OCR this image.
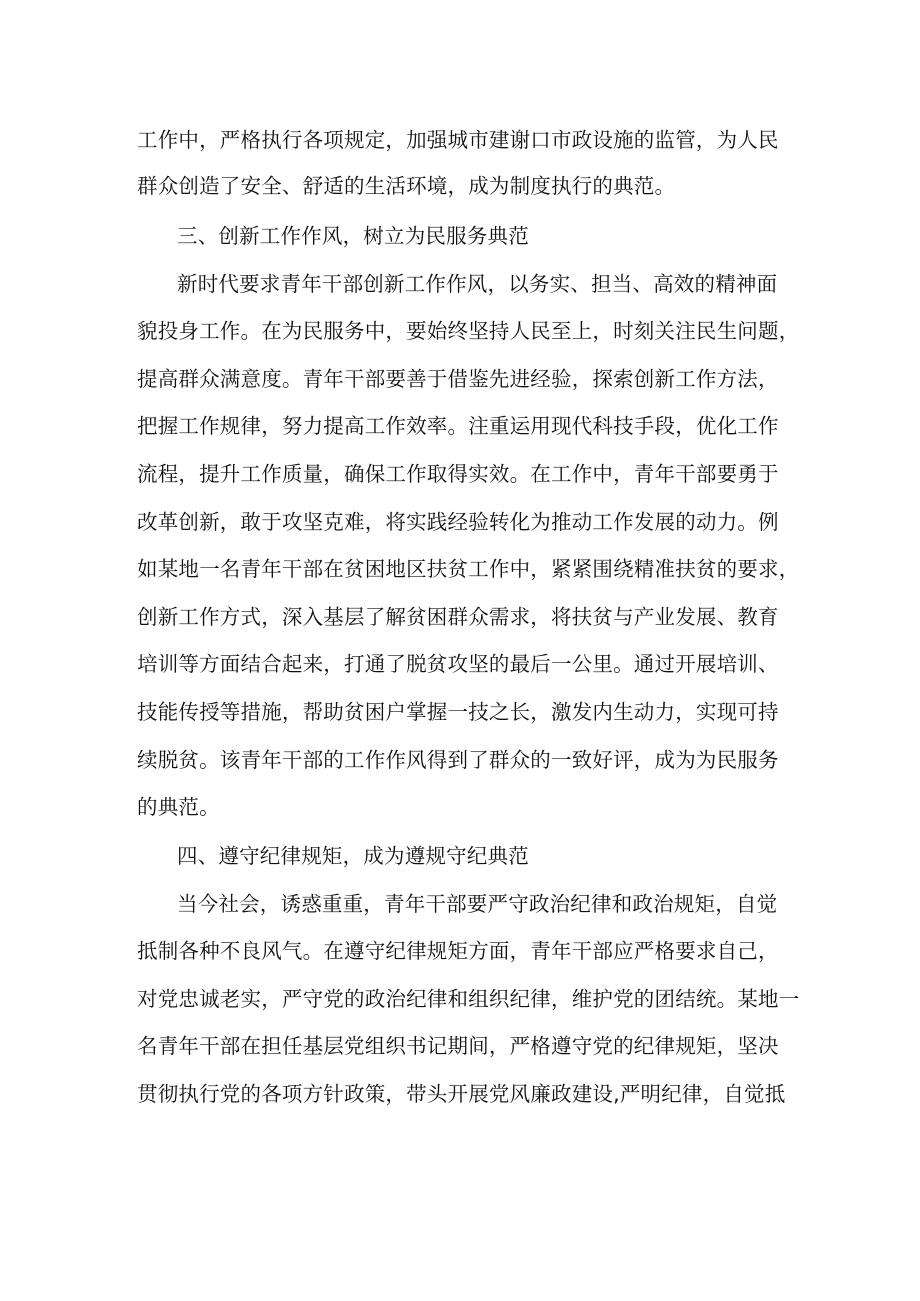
工作中，严格执行各项规定，加强城市建谢口市政设施的监管，为人民
群众创造了安全、舒适的生活环境，成为制度执行的典范。
三、创新工作作风，树立为民服务典范
新时代要求青年干部创新工作作风，以务实、担当、高效的精神面
貌投身工作。在为民服务中，要始终坚持人民至上，时刻关注民生问题，
提高群众满意度。青年干部要善于借鉴先进经验，探索创新工作方法，
把握工作规律，努力提高工作效率。注重运用现代科技手段，优化工作
流程，提升工作质量，确保工作取得实效。在工作中，青年干部要勇于
改革创新，敢于攻坚克难，将实践经验转化为推动工作发展的动力。例
如某地一名青年干部在贫困地区扶贫工作中，紧紧围绕精准扶贫的要求，
创新工作方式，深入基层了解贫困群众需求，将扶贫与产业发展、教育
培训等方面结合起来，打通了脱贫攻坚的最后一公里。通过开展培训、
技能传授等措施，帮助贫困户掌握一技之长，激发内生动力，实现可持
续脱贫。该青年干部的工作作风得到了群众的一致好评，成为为民服务
的典范。
四、遵守纪律规矩，成为遵规守纪典范
当今社会，诱惑重重，青年干部要严守政治纪律和政治规矩，自觉
抵制各种不良风气。在遵守纪律规矩方面，青年干部应严格要求自己，
对党忠诚老实，严守党的政治纪律和组织纪律，维护党的团结统。某地一
名青年干部在担任基层党组织书记期间，严格遵守党的纪律规矩，坚决
贯彻执行党的各项方针政策，带头开展党风廉政建设,严明纪律，自觉抵
